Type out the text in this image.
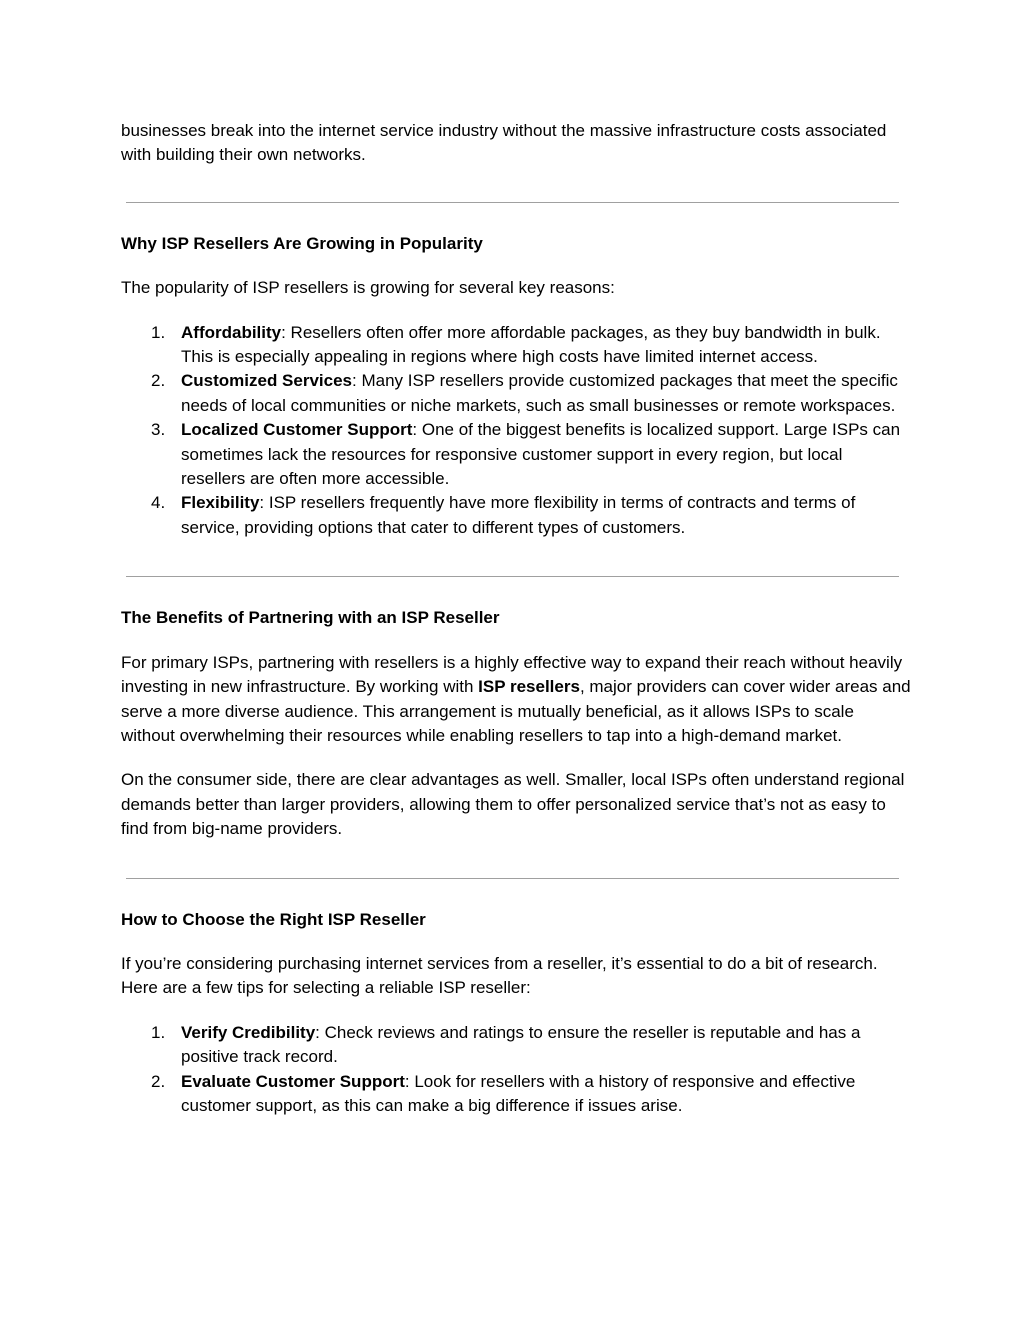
businesses break into the internet service industry without the massive infrastructure costs associated with building their own networks.

Why ISP Resellers Are Growing in Popularity

The popularity of ISP resellers is growing for several key reasons:

1. Affordability: Resellers often offer more affordable packages, as they buy bandwidth in bulk. This is especially appealing in regions where high costs have limited internet access.
2. Customized Services: Many ISP resellers provide customized packages that meet the specific needs of local communities or niche markets, such as small businesses or remote workspaces.
3. Localized Customer Support: One of the biggest benefits is localized support. Large ISPs can sometimes lack the resources for responsive customer support in every region, but local resellers are often more accessible.
4. Flexibility: ISP resellers frequently have more flexibility in terms of contracts and terms of service, providing options that cater to different types of customers.
The Benefits of Partnering with an ISP Reseller

For primary ISPs, partnering with resellers is a highly effective way to expand their reach without heavily investing in new infrastructure. By working with ISP resellers, major providers can cover wider areas and serve a more diverse audience. This arrangement is mutually beneficial, as it allows ISPs to scale without overwhelming their resources while enabling resellers to tap into a high-demand market.

On the consumer side, there are clear advantages as well. Smaller, local ISPs often understand regional demands better than larger providers, allowing them to offer personalized service that’s not as easy to find from big-name providers.

How to Choose the Right ISP Reseller

If you’re considering purchasing internet services from a reseller, it’s essential to do a bit of research. Here are a few tips for selecting a reliable ISP reseller:

1. Verify Credibility: Check reviews and ratings to ensure the reseller is reputable and has a positive track record.
2. Evaluate Customer Support: Look for resellers with a history of responsive and effective customer support, as this can make a big difference if issues arise.
